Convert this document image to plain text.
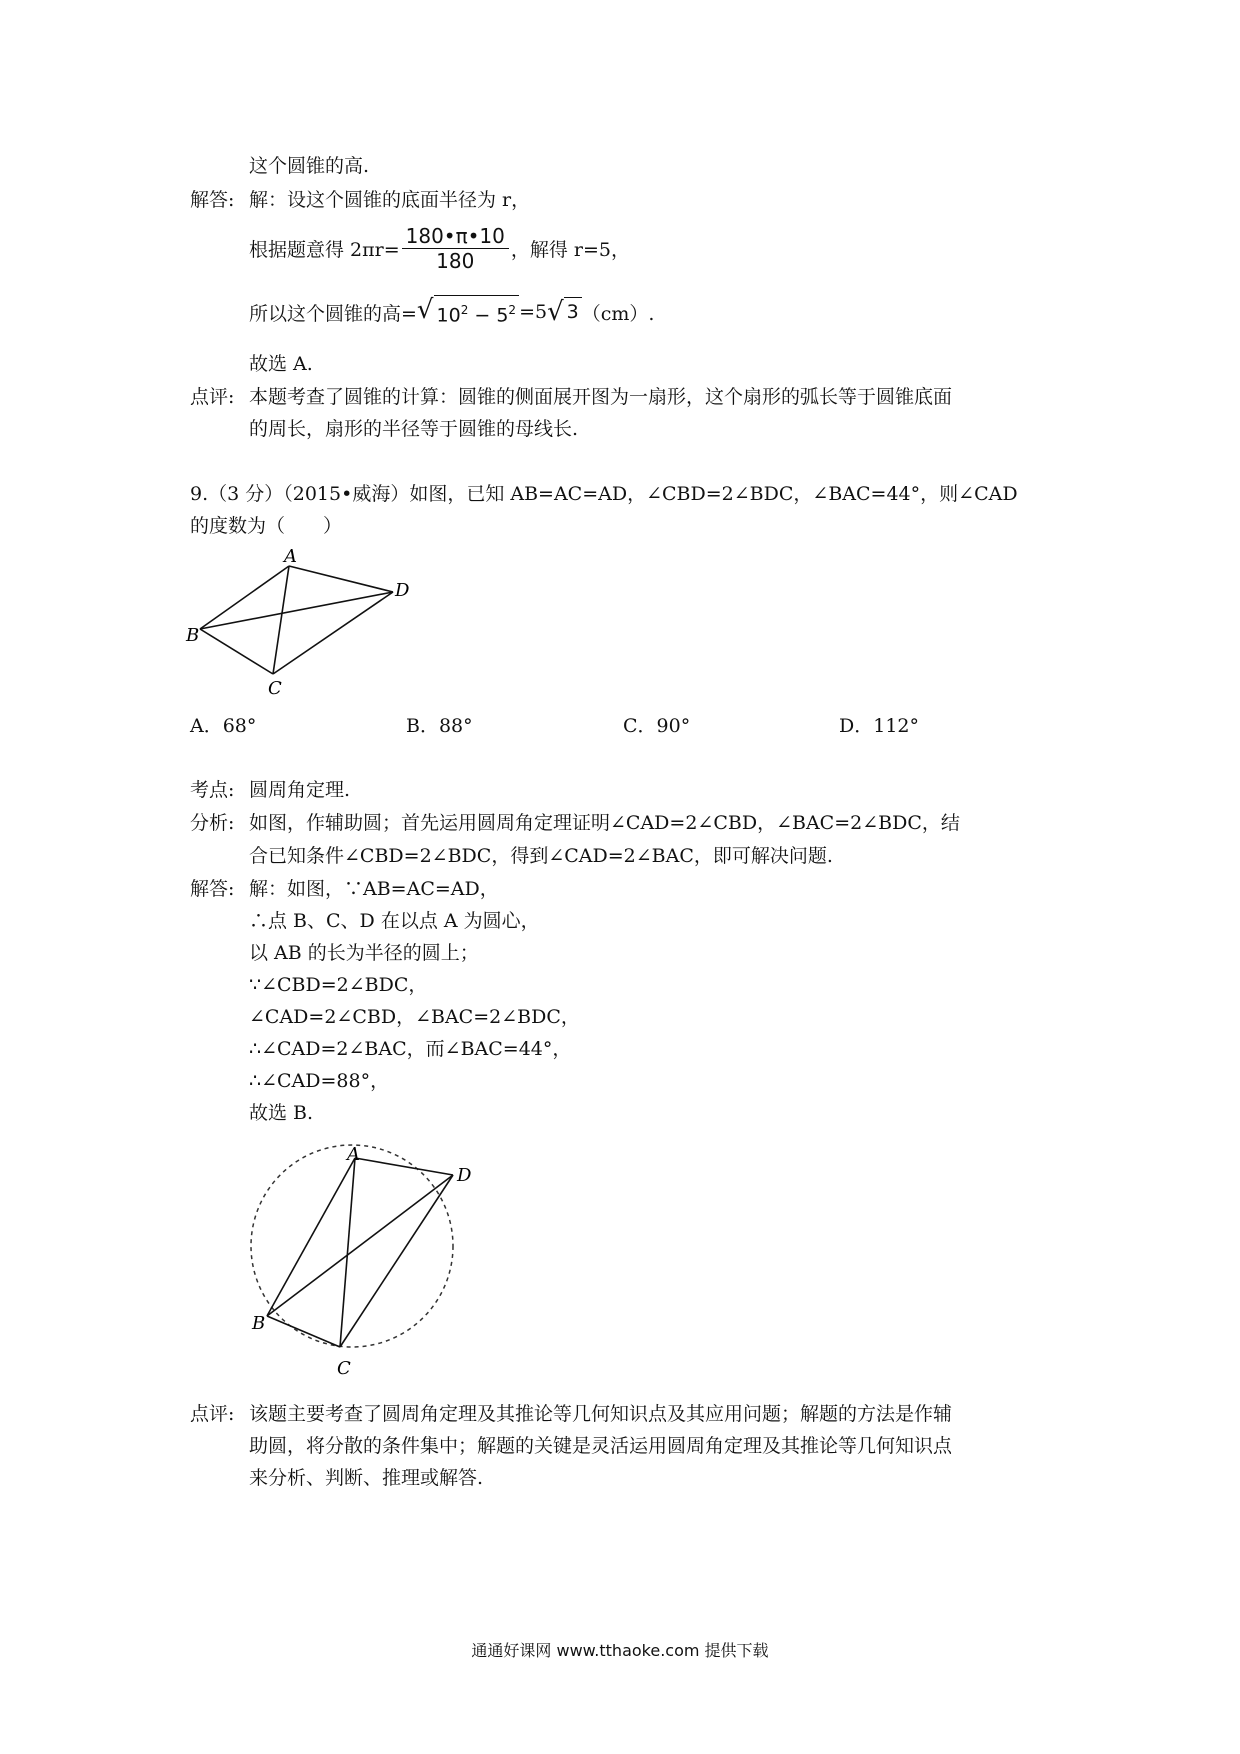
这个圆锥的高.
解答: 解：设这个圆锥的底面半径为 r，
根据题意得 $2\pi r= \frac{180•\pi•10}{180}$ ，解得 r=5，
所以这个圆锥的高= √ $10^2 - 5^2 =5$ √ 3 （cm）.
故选 A.
点评: 本题考查了圆锥的计算：圆锥的侧面展开图为一扇形，这个扇形的弧长等于圆锥底面
的周长，扇形的半径等于圆锥的母线长.
9.（3 分）（2015•威海）如图，已知 AB=AC=AD，∠CBD=2∠BDC，∠BAC=44°，则∠CAD
的度数为（　　）
A
B
C
D
A．68°	B．88°	C．90°	D．112°
考点: 圆周角定理.
分析: 如图，作辅助圆；首先运用圆周角定理证明∠CAD=2∠CBD，∠BAC=2∠BDC，结
合已知条件∠CBD=2∠BDC，得到∠CAD=2∠BAC，即可解决问题.
解答: 解：如图，∵AB=AC=AD，
∴点 B、C、D 在以点 A 为圆心，
以 AB 的长为半径的圆上；
∵∠CBD=2∠BDC，
∠CAD=2∠CBD，∠BAC=2∠BDC，
∴∠CAD=2∠BAC，而∠BAC=44°，
∴∠CAD=88°，
故选 B.
A
B
C
D
点评: 该题主要考查了圆周角定理及其推论等几何知识点及其应用问题；解题的方法是作辅
助圆，将分散的条件集中；解题的关键是灵活运用圆周角定理及其推论等几何知识点
来分析、判断、推理或解答.
通通好课网 www.tthaoke.com 提供下载
